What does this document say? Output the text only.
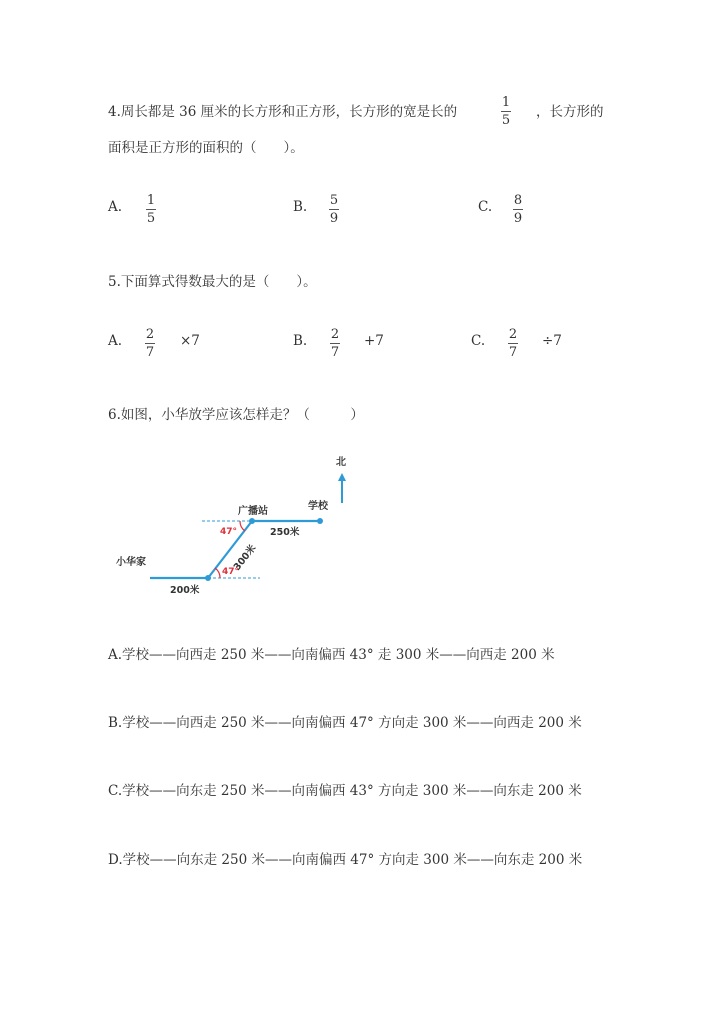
4.周长都是 36 厘米的长方形和正方形，长方形的宽是长的
1
5
，长方形的
面积是正方形的面积的（　　）。
A. 1
5
B. 5
9
C. 8
9
5.下面算式得数最大的是（　　）。
A. 2
7
×7	B. 2
7
+7	C. 2
7
÷7
6.如图，小华放学应该怎样走？（　　　）
北
学校
广播站
小华家
250米
200米
300米
47°
47°
A.学校——向西走 250 米——向南偏西 43° 走 300 米——向西走 200 米
B.学校——向西走 250 米——向南偏西 47° 方向走 300 米——向西走 200 米
C.学校——向东走 250 米——向南偏西 43° 方向走 300 米——向东走 200 米
D.学校——向东走 250 米——向南偏西 47° 方向走 300 米——向东走 200 米
